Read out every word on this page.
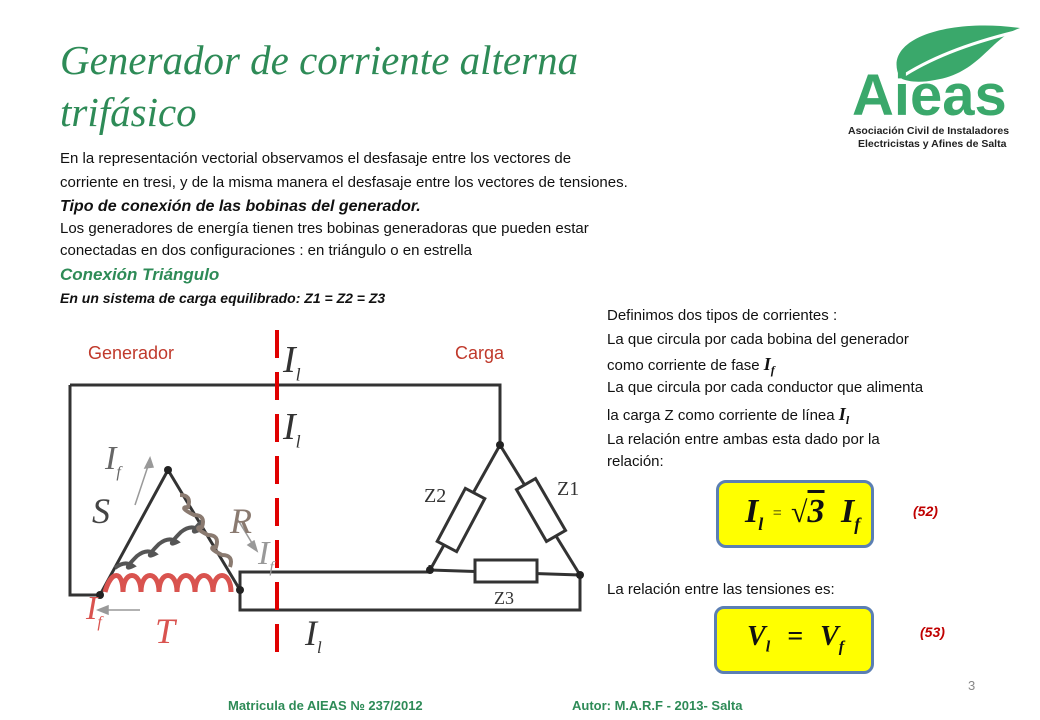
Generador de corriente alterna trifásico	Aieas
Asociación Civil de Instaladores
Electricistas y Afines de Salta
En la representación vectorial observamos el desfasaje entre los vectores de
corriente en tresi, y de la misma manera el desfasaje entre los vectores de tensiones.
Tipo de conexión de las bobinas del generador.
Los generadores de energía tienen tres bobinas generadoras que pueden estar
conectadas en dos configuraciones : en triángulo o en estrella
Conexión Triángulo
En un sistema de carga equilibrado: Z1 = Z2 = Z3
Generador	Carga
$I_l$
$I_l$
$I_l$
$I_f$
$I_f$
$I_f$
S	R
T
Z1
Z2
Z3
Definimos dos tipos de corrientes :
La que circula por cada bobina del generador
como corriente de fase $I_f$
La que circula por cada conductor que alimenta
la carga Z como corriente de línea $I_l$
La relación entre ambas esta dado por la
relación:
$I_l = √3$ $I_f$
(52)
La relación entre las tensiones es:
$V_l = V_f$
(53)
3
Matricula de AIEAS № 237/2012	Autor: M.A.R.F - 2013- Salta
